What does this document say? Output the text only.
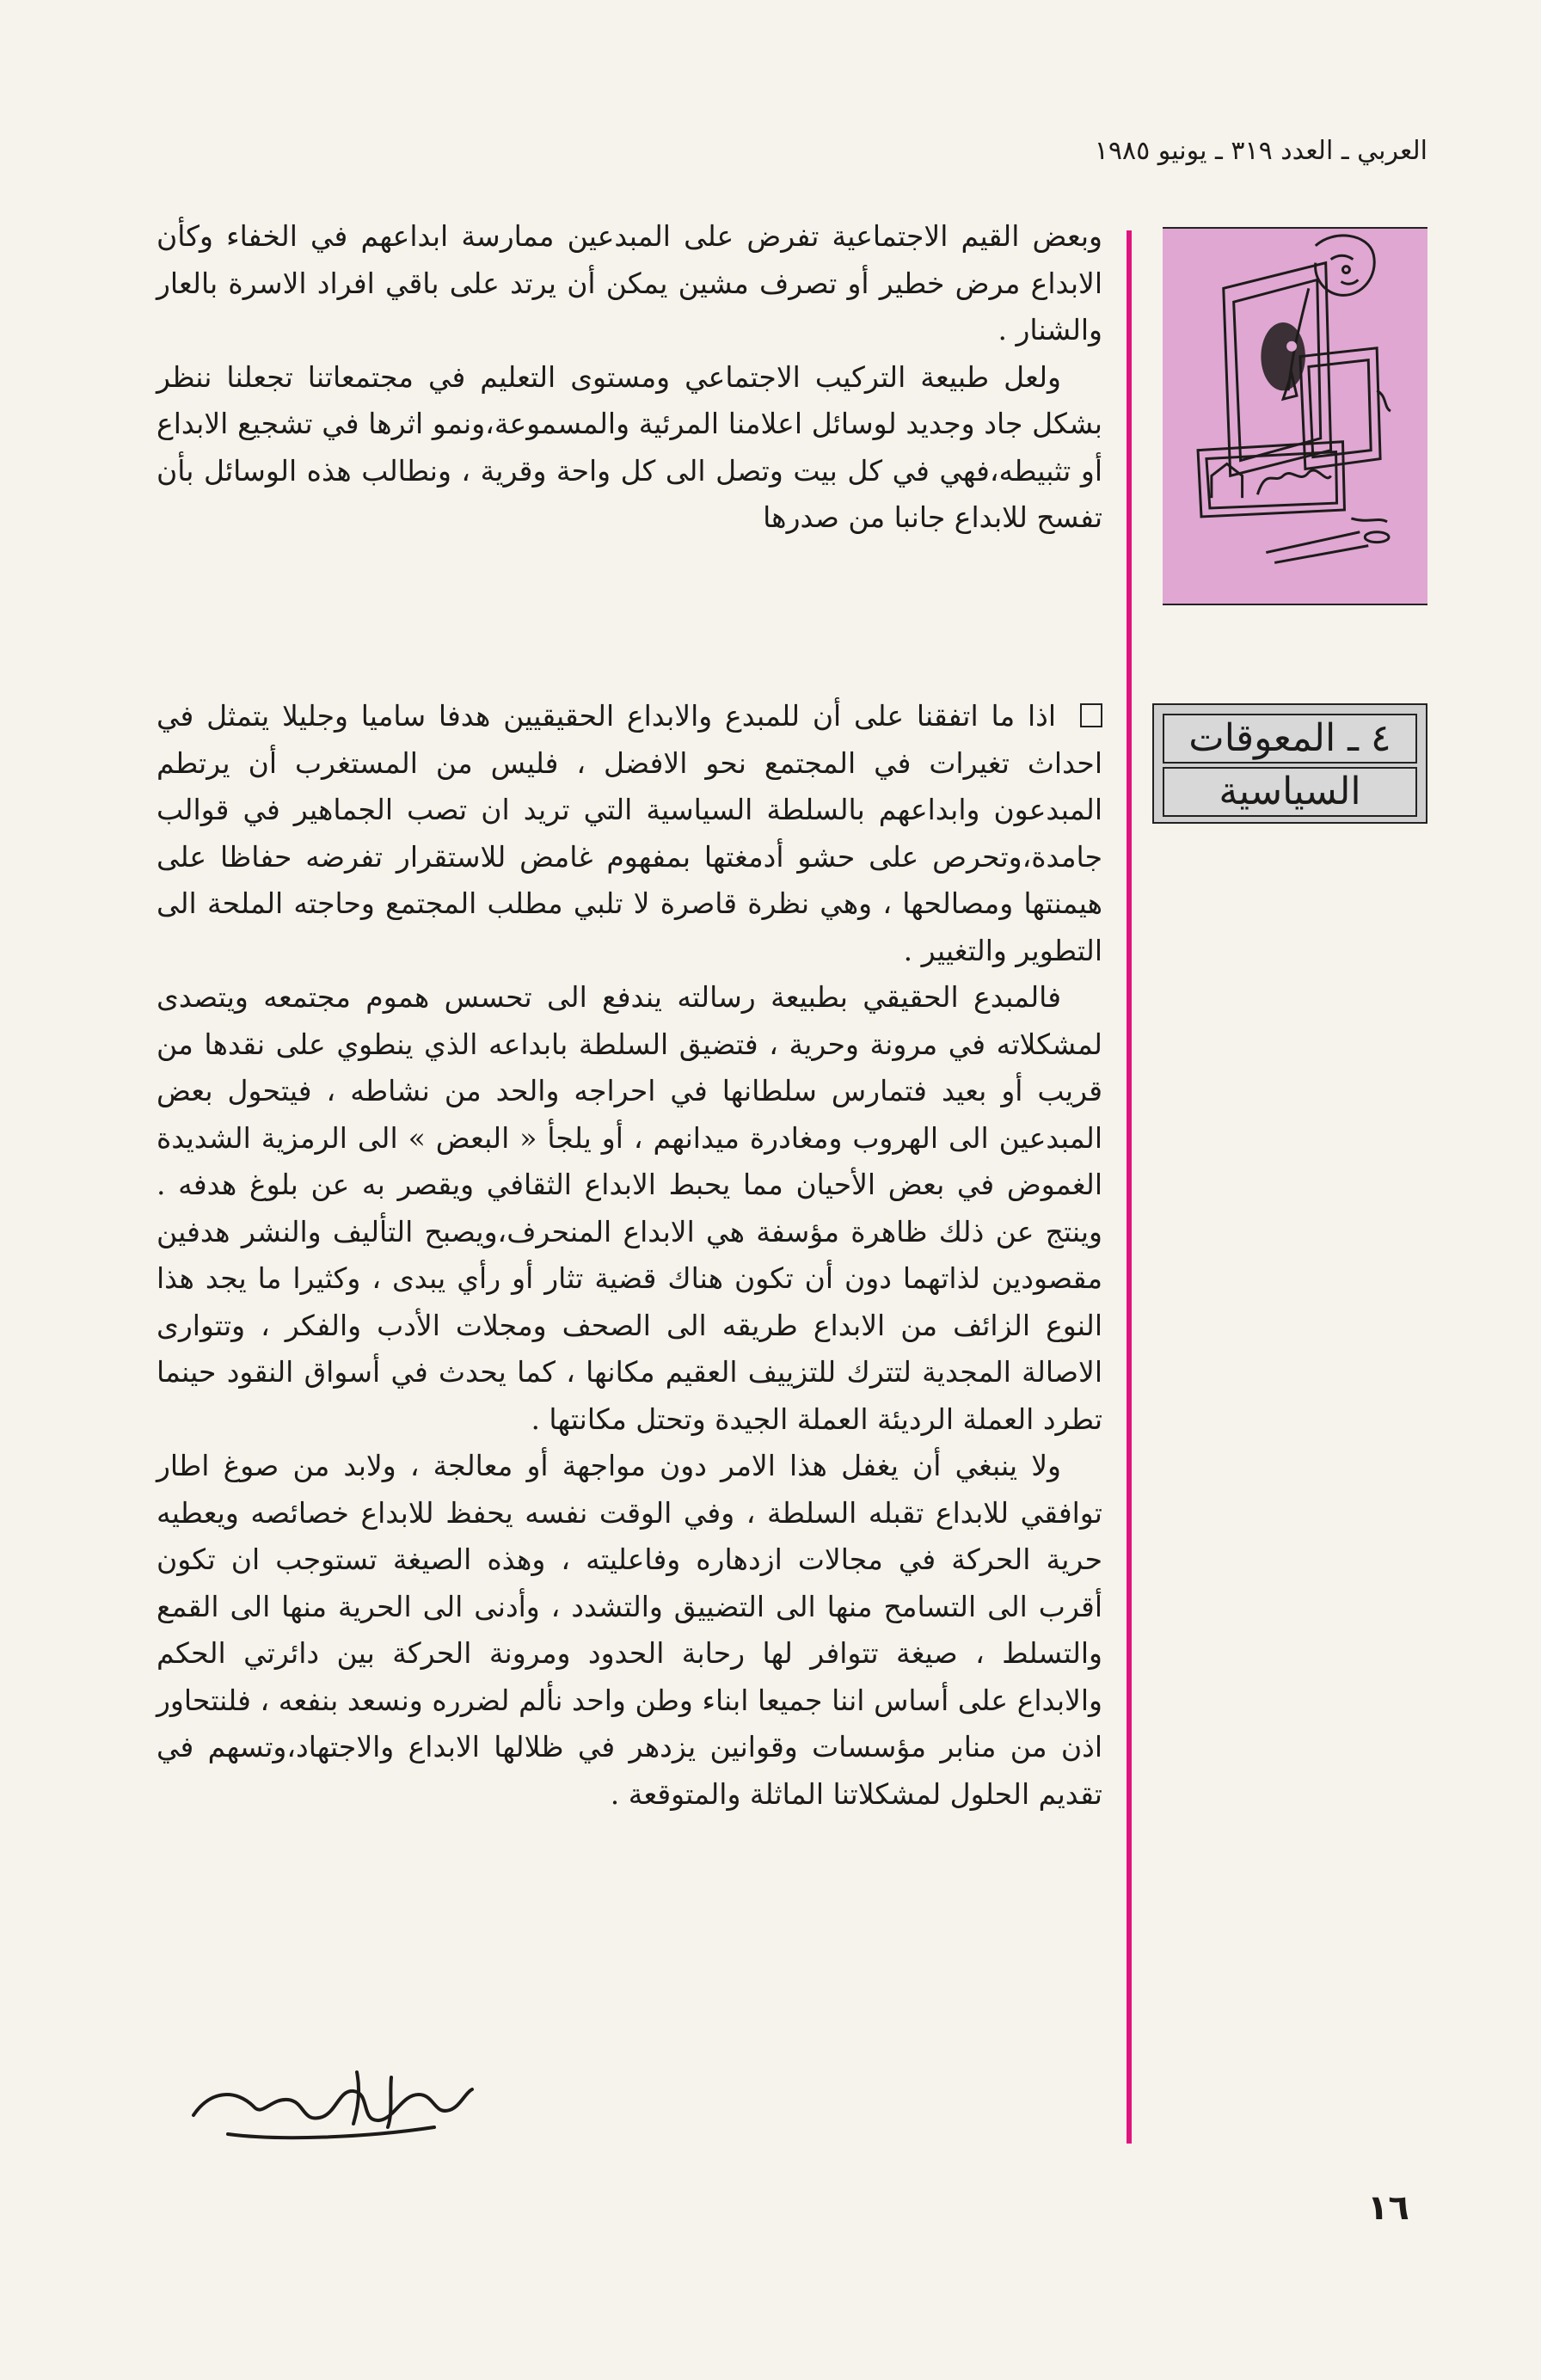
العربي ـ العدد ٣١٩ ـ يونيو ١٩٨٥
٤ ـ المعوقات
السياسية

وبعض القيم الاجتماعية تفرض على المبدعين ممارسة ابداعهم في الخفاء وكأن الابداع مرض خطير أو تصرف مشين يمكن أن يرتد على باقي افراد الاسرة بالعار والشنار .

ولعل طبيعة التركيب الاجتماعي ومستوى التعليم في مجتمعاتنا تجعلنا ننظر بشكل جاد وجديد لوسائل اعلامنا المرئية والمسموعة،ونمو اثرها في تشجيع الابداع أو تثبيطه،فهي في كل بيت وتصل الى كل واحة وقرية ، ونطالب هذه الوسائل بأن تفسح للابداع جانبا من صدرها

اذا ما اتفقنا على أن للمبدع والابداع الحقيقيين هدفا ساميا وجليلا يتمثل في احداث تغيرات في المجتمع نحو الافضل ، فليس من المستغرب أن يرتطم المبدعون وابداعهم بالسلطة السياسية التي تريد ان تصب الجماهير في قوالب جامدة،وتحرص على حشو أدمغتها بمفهوم غامض للاستقرار تفرضه حفاظا على هيمنتها ومصالحها ، وهي نظرة قاصرة لا تلبي مطلب المجتمع وحاجته الملحة الى التطوير والتغيير .

فالمبدع الحقيقي بطبيعة رسالته يندفع الى تحسس هموم مجتمعه ويتصدى لمشكلاته في مرونة وحرية ، فتضيق السلطة بابداعه الذي ينطوي على نقدها من قريب أو بعيد فتمارس سلطانها في احراجه والحد من نشاطه ، فيتحول بعض المبدعين الى الهروب ومغادرة ميدانهم ، أو يلجأ « البعض » الى الرمزية الشديدة الغموض في بعض الأحيان مما يحبط الابداع الثقافي ويقصر به عن بلوغ هدفه . وينتج عن ذلك ظاهرة مؤسفة هي الابداع المنحرف،ويصبح التأليف والنشر هدفين مقصودين لذاتهما دون أن تكون هناك قضية تثار أو رأي يبدى ، وكثيرا ما يجد هذا النوع الزائف من الابداع طريقه الى الصحف ومجلات الأدب والفكر ، وتتوارى الاصالة المجدية لتترك للتزييف العقيم مكانها ، كما يحدث في أسواق النقود حينما تطرد العملة الرديئة العملة الجيدة وتحتل مكانتها .

ولا ينبغي أن يغفل هذا الامر دون مواجهة أو معالجة ، ولابد من صوغ اطار توافقي للابداع تقبله السلطة ، وفي الوقت نفسه يحفظ للابداع خصائصه ويعطيه حرية الحركة في مجالات ازدهاره وفاعليته ، وهذه الصيغة تستوجب ان تكون أقرب الى التسامح منها الى التضييق والتشدد ، وأدنى الى الحرية منها الى القمع والتسلط ، صيغة تتوافر لها رحابة الحدود ومرونة الحركة بين دائرتي الحكم والابداع على أساس اننا جميعا ابناء وطن واحد نألم لضرره ونسعد بنفعه ، فلنتحاور اذن من منابر مؤسسات وقوانين يزدهر في ظلالها الابداع والاجتهاد،وتسهم في تقديم الحلول لمشكلاتنا الماثلة والمتوقعة .

١٦
